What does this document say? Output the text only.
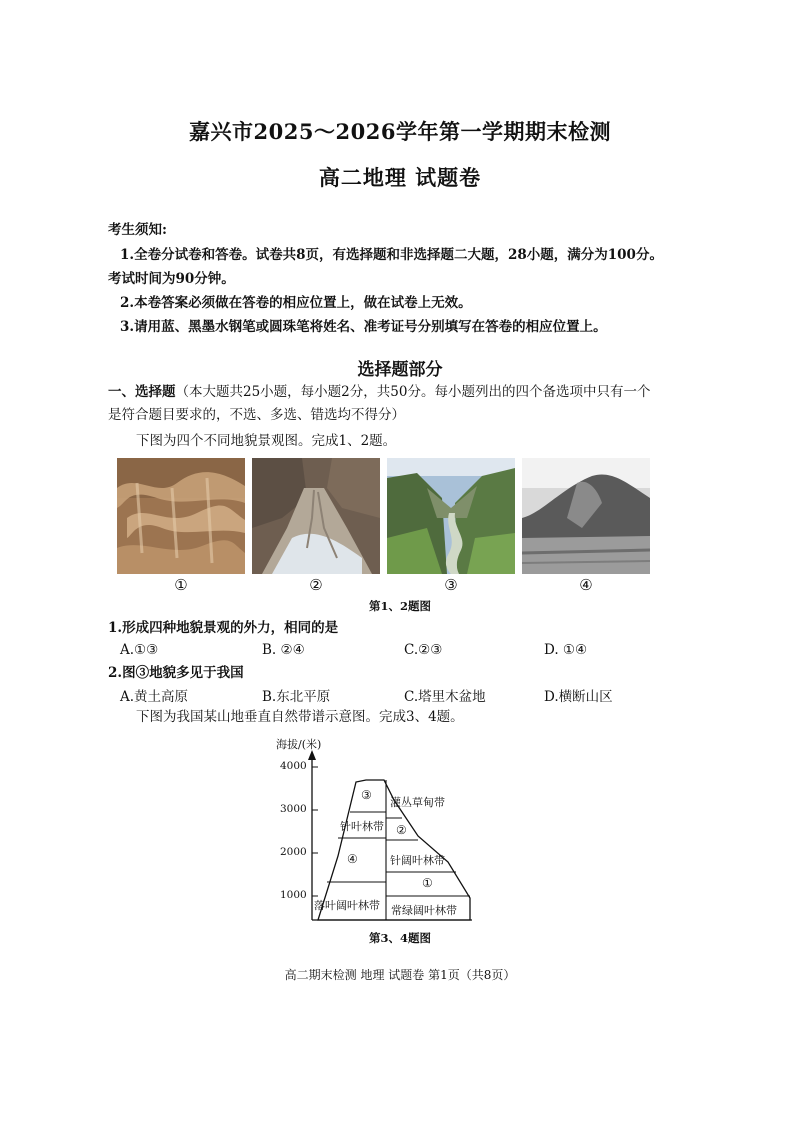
嘉兴市2025～2026学年第一学期期末检测
高二地理 试题卷
考生须知:
1.全卷分试卷和答卷。试卷共8页，有选择题和非选择题二大题，28小题，满分为100分。
考试时间为90分钟。
2.本卷答案必须做在答卷的相应位置上，做在试卷上无效。
3.请用蓝、黑墨水钢笔或圆珠笔将姓名、准考证号分别填写在答卷的相应位置上。
选择题部分
一、选择题（本大题共25小题，每小题2分，共50分。每小题列出的四个备选项中只有一个
是符合题目要求的，不选、多选、错选均不得分）
下图为四个不同地貌景观图。完成1、2题。
①	②	③	④
第1、2题图
1.形成四种地貌景观的外力，相同的是
A.①③	B. ②④	C.②③	D. ①④
2.图③地貌多见于我国
A.黄土高原	B.东北平原	C.塔里木盆地	D.横断山区
下图为我国某山地垂直自然带谱示意图。完成3、4题。
海拔/(米)
4000
3000
2000
1000
③
针叶林带
④
落叶阔叶林带
灌丛草甸带
②
针阔叶林带
①
常绿阔叶林带
第3、4题图
高二期末检测 地理 试题卷 第1页（共8页）
